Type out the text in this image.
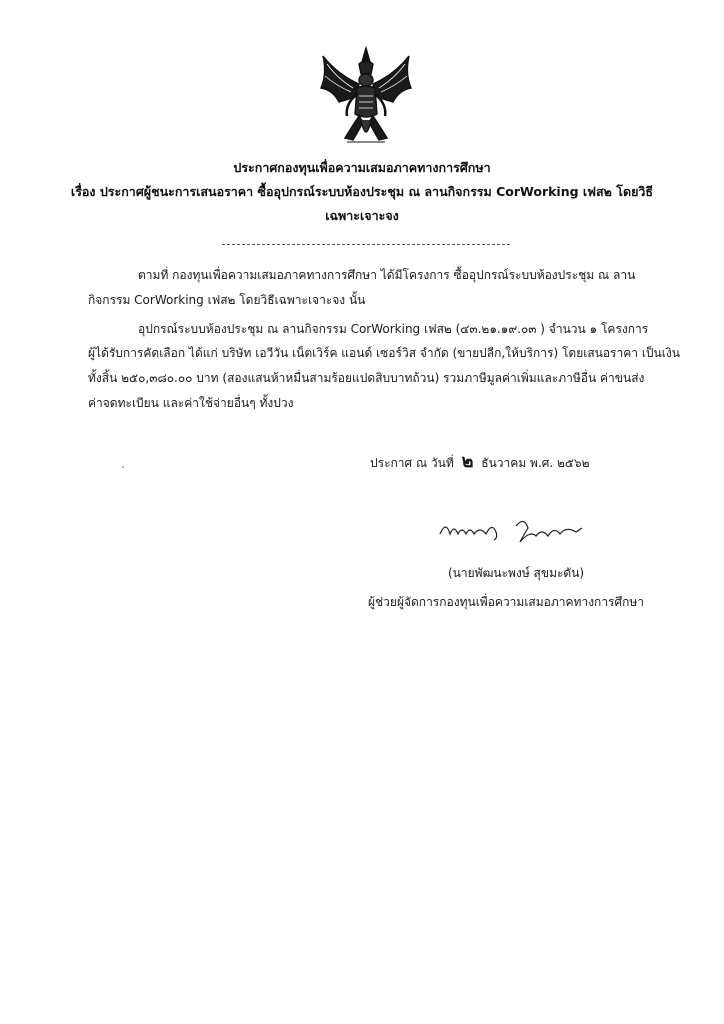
ประกาศกองทุนเพื่อความเสมอภาคทางการศึกษา
เรื่อง ประกาศผู้ชนะการเสนอราคา ซื้ออุปกรณ์ระบบห้องประชุม ณ ลานกิจกรรม CorWorking เฟส๒ โดยวิธี
เฉพาะเจาะจง
ตามที่ กองทุนเพื่อความเสมอภาคทางการศึกษา ได้มีโครงการ ซื้ออุปกรณ์ระบบห้องประชุม ณ ลาน
กิจกรรม CorWorking เฟส๒ โดยวิธีเฉพาะเจาะจง นั้น
อุปกรณ์ระบบห้องประชุม ณ ลานกิจกรรม CorWorking เฟส๒ (๔๓.๒๑.๑๙.๐๓ ) จำนวน ๑ โครงการ
ผู้ได้รับการคัดเลือก ได้แก่ บริษัท เอวีวัน เน็ตเวิร์ค แอนด์ เซอร์วิส จำกัด (ขายปลีก,ให้บริการ) โดยเสนอราคา เป็นเงิน
ทั้งสิ้น ๒๕๐,๓๘๐.๐๐ บาท (สองแสนห้าหมื่นสามร้อยแปดสิบบาทถ้วน) รวมภาษีมูลค่าเพิ่มและภาษีอื่น ค่าขนส่ง
ค่าจดทะเบียน และค่าใช้จ่ายอื่นๆ ทั้งปวง
ประกาศ ณ วันที่ ๒ ธันวาคม พ.ศ. ๒๕๖๒
(นายพัฒนะพงษ์ สุขมะดัน)
ผู้ช่วยผู้จัดการกองทุนเพื่อความเสมอภาคทางการศึกษา
